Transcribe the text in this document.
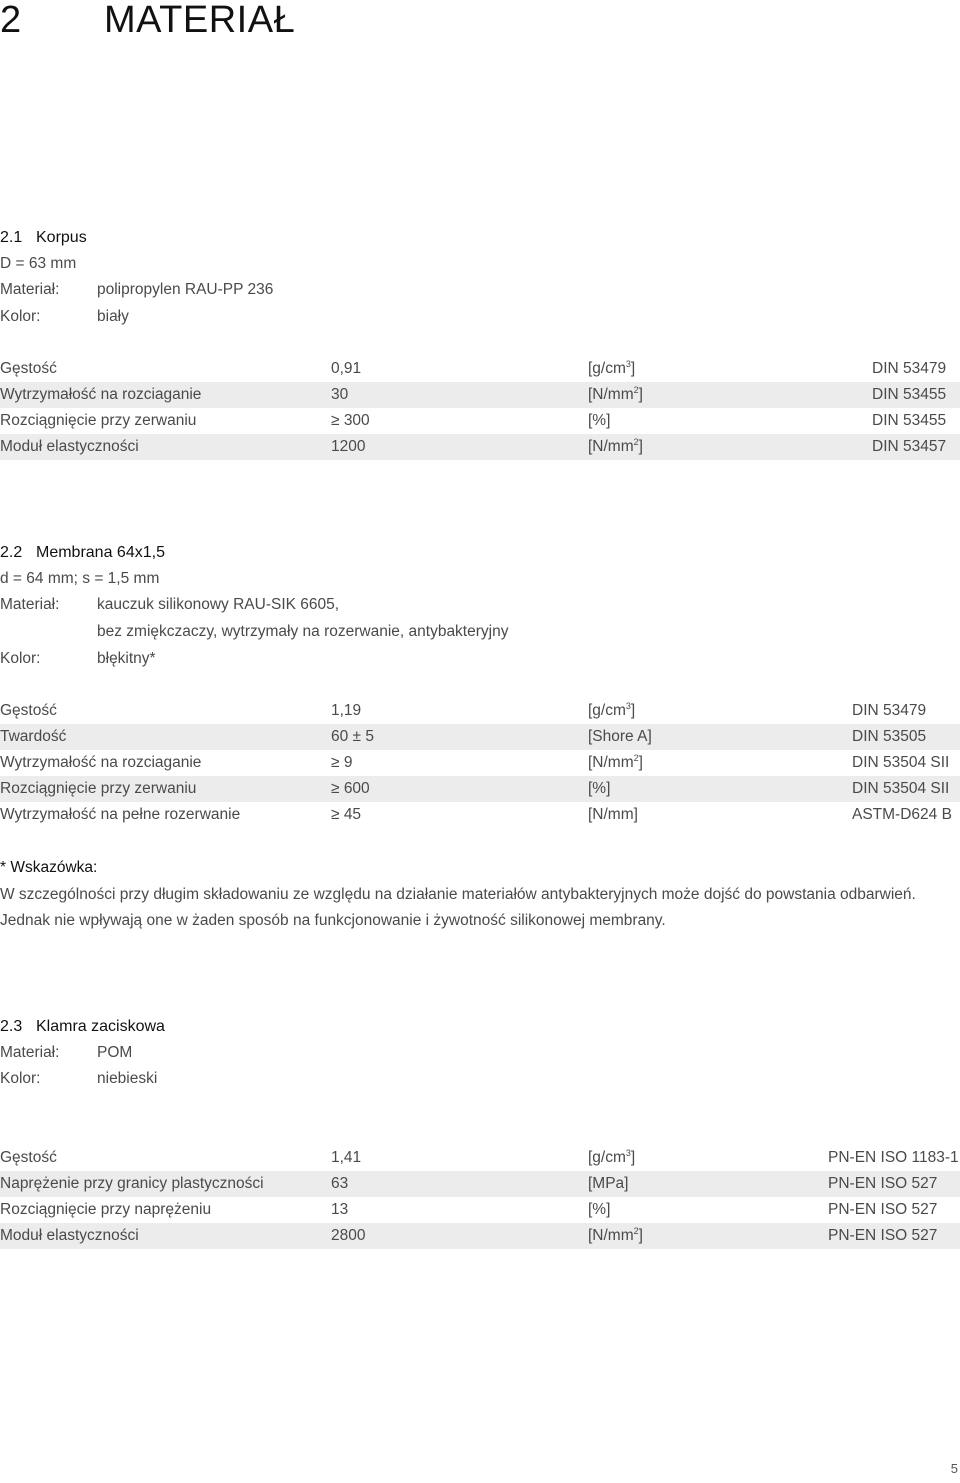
2 MATERIAŁ
2.1 Korpus
D = 63 mm
Materiał: polipropylen RAU-PP 236
Kolor:	biały
Gęstość	0,91	$[g/cm^3]$	DIN 53479
Wytrzymałość na rozciaganie	30	$[N/mm^2]$	DIN 53455
Rozciągnięcie przy zerwaniu	≥ 300	[%]	DIN 53455
Moduł elastyczności	1200	$[N/mm^2]$	DIN 53457
2.2 Membrana 64x1,5
d = 64 mm; s = 1,5 mm
Materiał: kauczuk silikonowy RAU-SIK 6605,
bez zmiękczaczy, wytrzymały na rozerwanie, antybakteryjny
Kolor:	błękitny*
Gęstość	1,19	$[g/cm^3]$	DIN 53479
Twardość	60 ± 5	[Shore A]	DIN 53505
Wytrzymałość na rozciaganie	≥ 9	$[N/mm^2]$	DIN 53504 SII
Rozciągnięcie przy zerwaniu	≥ 600	[%]	DIN 53504 SII
Wytrzymałość na pełne rozerwanie	≥ 45	[N/mm]	ASTM-D624 B
* Wskazówka:
W szczególności przy długim składowaniu ze względu na działanie materiałów antybakteryjnych może dojść do powstania odbarwień.
Jednak nie wpływają one w żaden sposób na funkcjonowanie i żywotność silikonowej membrany.
2.3 Klamra zaciskowa
Materiał: POM
Kolor:	niebieski
Gęstość	1,41	$[g/cm^3]$	PN-EN ISO 1183-1
Naprężenie przy granicy plastyczności	63	[MPa]	PN-EN ISO 527
Rozciągnięcie przy naprężeniu	13	[%]	PN-EN ISO 527
Moduł elastyczności	2800	$[N/mm^2]$	PN-EN ISO 527
5
